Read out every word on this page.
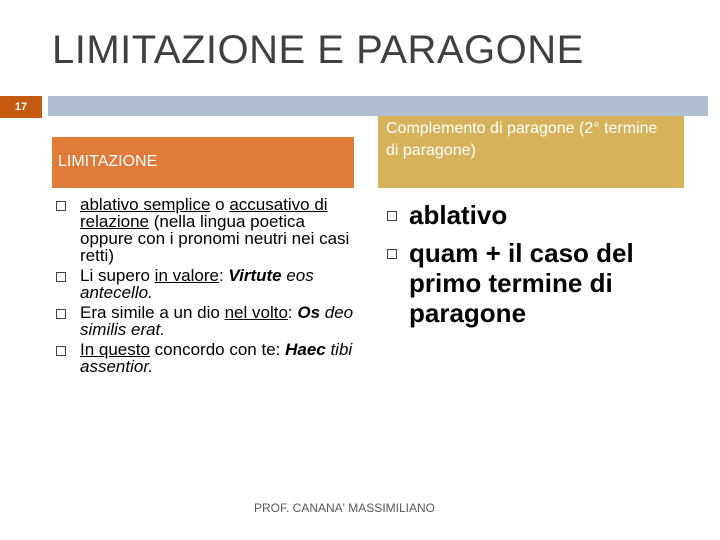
LIMITAZIONE E PARAGONE
17
LIMITAZIONE
Complemento di paragone (2° termine di paragone)
ablativo semplice o accusativo di relazione (nella lingua poetica oppure con i pronomi neutri nei casi retti)
Li supero in valore: Virtute eos antecello.
Era simile a un dio nel volto: Os deo similis erat.
In questo concordo con te: Haec tibi assentior.
ablativo
quam + il caso del primo termine di paragone
PROF. CANANA' MASSIMILIANO
